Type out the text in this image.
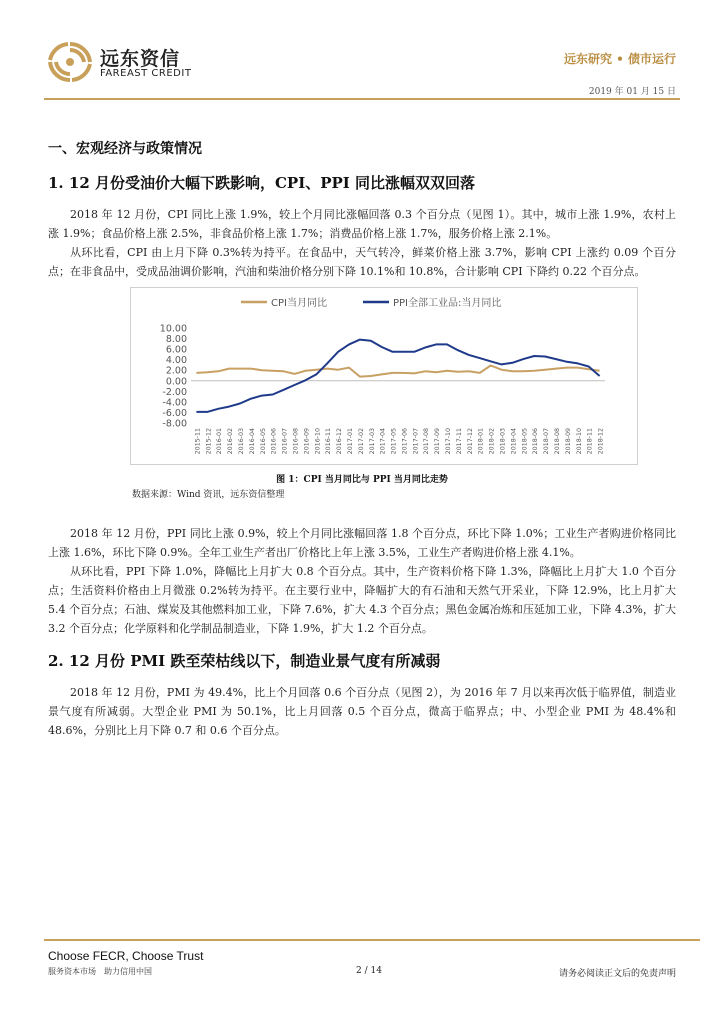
远东资信
FAREAST CREDIT
远东研究 • 债市运行
2019 年 01 月 15 日
一、宏观经济与政策情况
1. 12 月份受油价大幅下跌影响，CPI、PPI 同比涨幅双双回落

2018 年 12 月份，CPI 同比上涨 1.9%，较上个月同比涨幅回落 0.3 个百分点（见图 1）。其中，城市上涨 1.9%，农村上涨 1.9%；食品价格上涨 2.5%，非食品价格上涨 1.7%；消费品价格上涨 1.7%，服务价格上涨 2.1%。

从环比看，CPI 由上月下降 0.3%转为持平。在食品中，天气转冷，鲜菜价格上涨 3.7%，影响 CPI 上涨约 0.09 个百分点；在非食品中，受成品油调价影响，汽油和柴油价格分别下降 10.1%和 10.8%，合计影响 CPI 下降约 0.22 个百分点。

CPI当月同比	PPI全部工业品:当月同比
10.00
8.00
6.00
4.00
2.00
0.00
-2.00
-4.00
-6.00
-8.00
2015-11 2015-12 2016-01 2016-02 2016-03 2016-04 2016-05 2016-06 2016-07 2016-08 2016-09 2016-10 2016-11 2016-12 2017-01 2017-02 2017-03 2017-04 2017-05 2017-06 2017-07 2017-08 2017-09 2017-10 2017-11 2017-12 2018-01 2018-02 2018-03 2018-04 2018-05 2018-06 2018-07 2018-08 2018-09 2018-10 2018-11 2018-12
图 1：CPI 当月同比与 PPI 当月同比走势
数据来源：Wind 资讯，远东资信整理

2018 年 12 月份，PPI 同比上涨 0.9%，较上个月同比涨幅回落 1.8 个百分点，环比下降 1.0%；工业生产者购进价格同比上涨 1.6%，环比下降 0.9%。全年工业生产者出厂价格比上年上涨 3.5%，工业生产者购进价格上涨 4.1%。

从环比看，PPI 下降 1.0%，降幅比上月扩大 0.8 个百分点。其中，生产资料价格下降 1.3%，降幅比上月扩大 1.0 个百分点；生活资料价格由上月微涨 0.2%转为持平。在主要行业中，降幅扩大的有石油和天然气开采业，下降 12.9%，比上月扩大 5.4 个百分点；石油、煤炭及其他燃料加工业，下降 7.6%，扩大 4.3 个百分点；黑色金属冶炼和压延加工业，下降 4.3%，扩大 3.2 个百分点；化学原料和化学制品制造业，下降 1.9%，扩大 1.2 个百分点。

2. 12 月份 PMI 跌至荣枯线以下，制造业景气度有所减弱

2018 年 12 月份，PMI 为 49.4%，比上个月回落 0.6 个百分点（见图 2），为 2016 年 7 月以来再次低于临界值，制造业景气度有所减弱。大型企业 PMI 为 50.1%，比上月回落 0.5 个百分点，微高于临界点；中、小型企业 PMI 为 48.4%和 48.6%，分别比上月下降 0.7 和 0.6 个百分点。

Choose FECR, Choose Trust
服务资本市场　助力信用中国	2 / 14	请务必阅读正文后的免责声明
